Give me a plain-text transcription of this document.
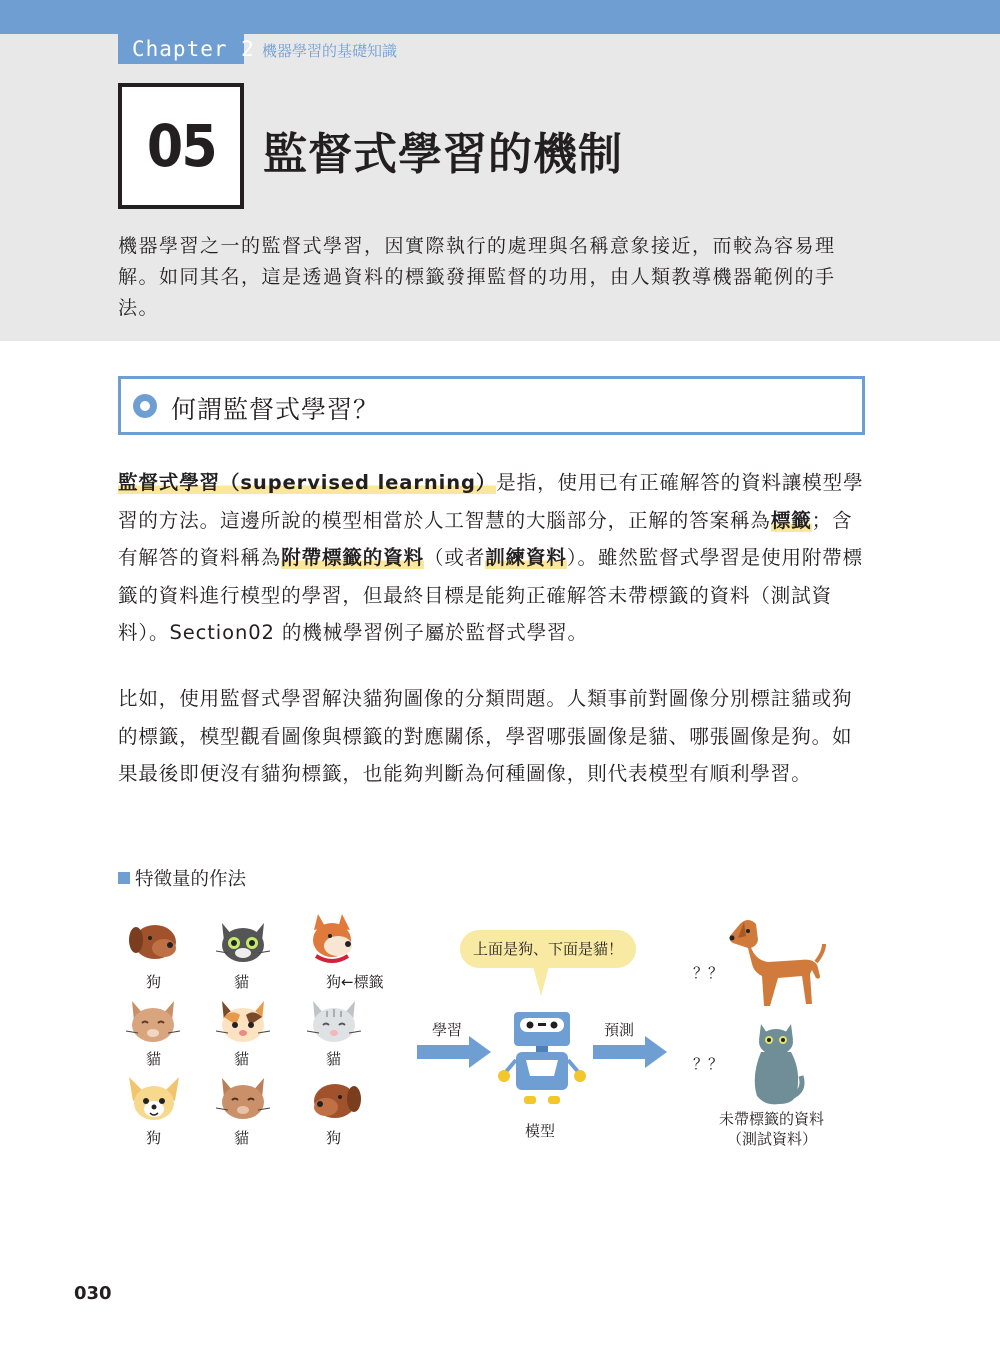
Chapter 2 機器學習的基礎知識
05 監督式學習的機制

機器學習之一的監督式學習，因實際執行的處理與名稱意象接近，而較為容易理解。如同其名，這是透過資料的標籤發揮監督的功用，由人類教導機器範例的手法。

何謂監督式學習？

監督式學習（supervised learning）是指，使用已有正確解答的資料讓模型學習的方法。這邊所說的模型相當於人工智慧的大腦部分，正解的答案稱為標籤；含有解答的資料稱為附帶標籤的資料（或者訓練資料）。雖然監督式學習是使用附帶標籤的資料進行模型的學習，但最終目標是能夠正確解答未帶標籤的資料（測試資料）。Section02 的機械學習例子屬於監督式學習。

比如，使用監督式學習解決貓狗圖像的分類問題。人類事前對圖像分別標註貓或狗的標籤，模型觀看圖像與標籤的對應關係，學習哪張圖像是貓、哪張圖像是狗。如果最後即便沒有貓狗標籤，也能夠判斷為何種圖像，則代表模型有順利學習。

特徵量的作法
狗	貓	狗←標籤
貓	貓	貓
狗	貓	狗
學習
上面是狗、下面是貓！
模型
預測
？？
？？
未帶標籤的資料
（測試資料）
030
